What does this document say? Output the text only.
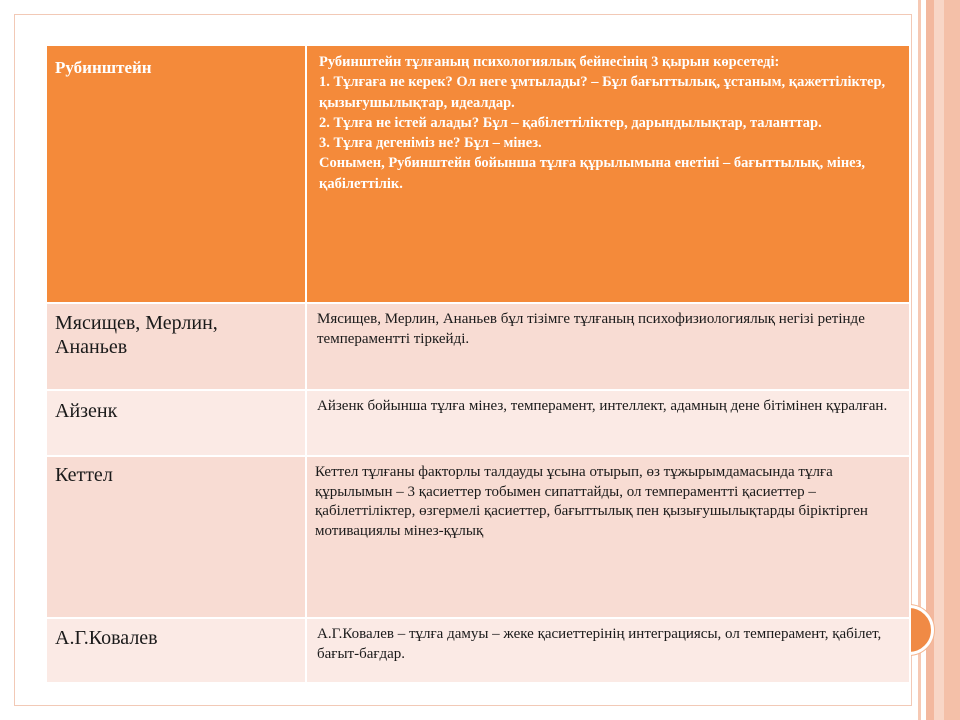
Рубинштейн	Рубинштейн тұлғаның психологиялық бейнесінің 3 қырын көрсетеді:
1. Тұлғаға не керек? Ол неге ұмтылады? – Бұл бағыттылық, ұстаным, қажеттіліктер, қызығушылықтар, идеалдар.
2. Тұлға не істей алады? Бұл – қабілеттіліктер, дарындылықтар, таланттар.
3. Тұлға дегеніміз не? Бұл – мінез.
Сонымен, Рубинштейн бойынша тұлға құрылымына енетіні – бағыттылық, мінез, қабілеттілік.

Мясищев, Мерлин,
Ананьев	Мясищев, Мерлин, Ананьев бұл тізімге тұлғаның психофизиологиялық негізі ретінде темпераментті тіркейді.

Айзенк	Айзенк бойынша тұлға мінез, темперамент, интеллект, адамның дене бітімінен құралған.

Кеттел	Кеттел тұлғаны факторлы талдауды ұсына отырып, өз тұжырымдамасында тұлға құрылымын – 3 қасиеттер тобымен сипаттайды, ол темпераментті қасиеттер – қабілеттіліктер, өзгермелі қасиеттер, бағыттылық пен қызығушылықтарды біріктірген мотивациялы мінез-құлық

А.Г.Ковалев	А.Г.Ковалев – тұлға дамуы – жеке қасиеттерінің интеграциясы, ол темперамент, қабілет, бағыт-бағдар.
